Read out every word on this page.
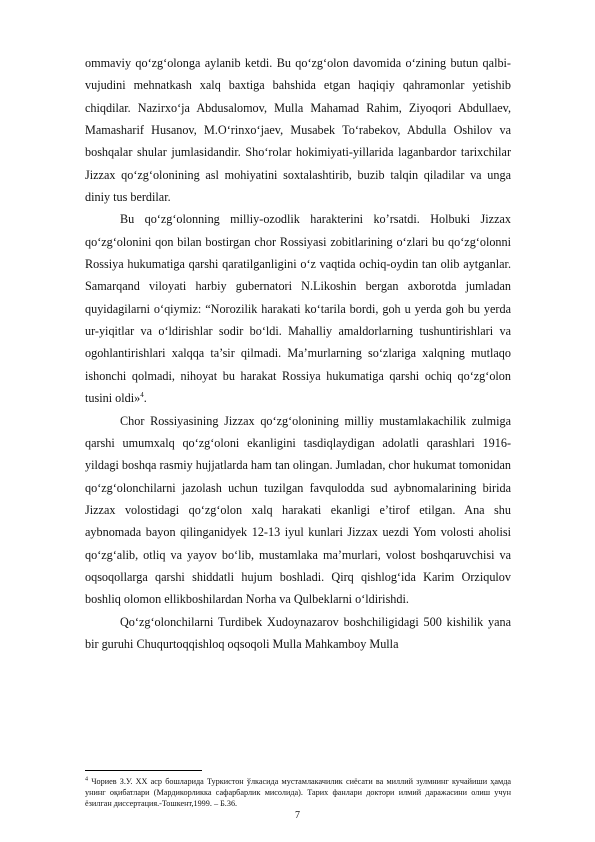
ommaviy qo‘zg‘olonga aylanib ketdi. Bu qo‘zg‘olon davomida o‘zining butun qalbi-vujudini mehnatkash xalq baxtiga bahshida etgan haqiqiy qahramonlar yetishib chiqdilar. Nazirxo‘ja Abdusalomov, Mulla Mahamad Rahim, Ziyoqori Abdullaev, Mamasharif Husanov, M.O‘rinxo‘jaev, Musabek To‘rabekov, Abdulla Oshilov va boshqalar shular jumlasidandir. Sho‘rolar hokimiyati-yillarida laganbardor tarixchilar Jizzax qo‘zg‘olonining asl mohiyatini soxtalashtirib, buzib talqin qiladilar va unga diniy tus berdilar.

Bu qo‘zg‘olonning milliy-ozodlik harakterini ko’rsatdi. Holbuki Jizzax qo‘zg‘olonini qon bilan bostirgan chor Rossiyasi zobitlarining o‘zlari bu qo‘zg‘olonni Rossiya hukumatiga qarshi qaratilganligini o‘z vaqtida ochiq-oydin tan olib aytganlar. Samarqand viloyati harbiy gubernatori N.Likoshin bergan axborotda jumladan quyidagilarni o‘qiymiz: “Norozilik harakati ko‘tarila bordi, goh u yerda goh bu yerda ur-yiqitlar va o‘ldirishlar sodir bo‘ldi. Mahalliy amaldorlarning tushuntirishlari va ogohlantirishlari xalqqa ta’sir qilmadi. Ma’murlarning so‘zlariga xalqning mutlaqo ishonchi qolmadi, nihoyat bu harakat Rossiya hukumatiga qarshi ochiq qo‘zg‘olon tusini oldi»$^4$.

Chor Rossiyasining Jizzax qo‘zg‘olonining milliy mustamlakachilik zulmiga qarshi umumxalq qo‘zg‘oloni ekanligini tasdiqlaydigan adolatli qarashlari 1916-yildagi boshqa rasmiy hujjatlarda ham tan olingan. Jumladan, chor hukumat tomonidan qo‘zg‘olonchilarni jazolash uchun tuzilgan favqulodda sud aybnomalarining birida Jizzax volostidagi qo‘zg‘olon xalq harakati ekanligi e’tirof etilgan. Ana shu aybnomada bayon qilinganidyek 12-13 iyul kunlari Jizzax uezdi Yom volosti aholisi qo‘zg‘alib, otliq va yayov bo‘lib, mustamlaka ma’murlari, volost boshqaruvchisi va oqsoqollarga qarshi shiddatli hujum boshladi. Qirq qishlog‘ida Karim Orziqulov boshliq olomon ellikboshilardan Norha va Qulbeklarni o‘ldirishdi.

Qo‘zg‘olonchilarni Turdibek Xudoynazarov boshchiligidagi 500 kishilik yana bir guruhi Chuqurtoqqishloq oqsoqoli Mulla Mahkamboy Mulla

$^4$ Чориев З.У. XX аср бошларида Туркистон ўлкасида мустамлакачилик сиёсати ва миллий зулмнинг кучайиши ҳамда унинг оқибатлари (Мардикорликка сафарбарлик мисолида). Тарих фанлари доктори илмий даражасини олиш учун ёзилган диссертация.-Тошкент,1999. – Б.36.
7
